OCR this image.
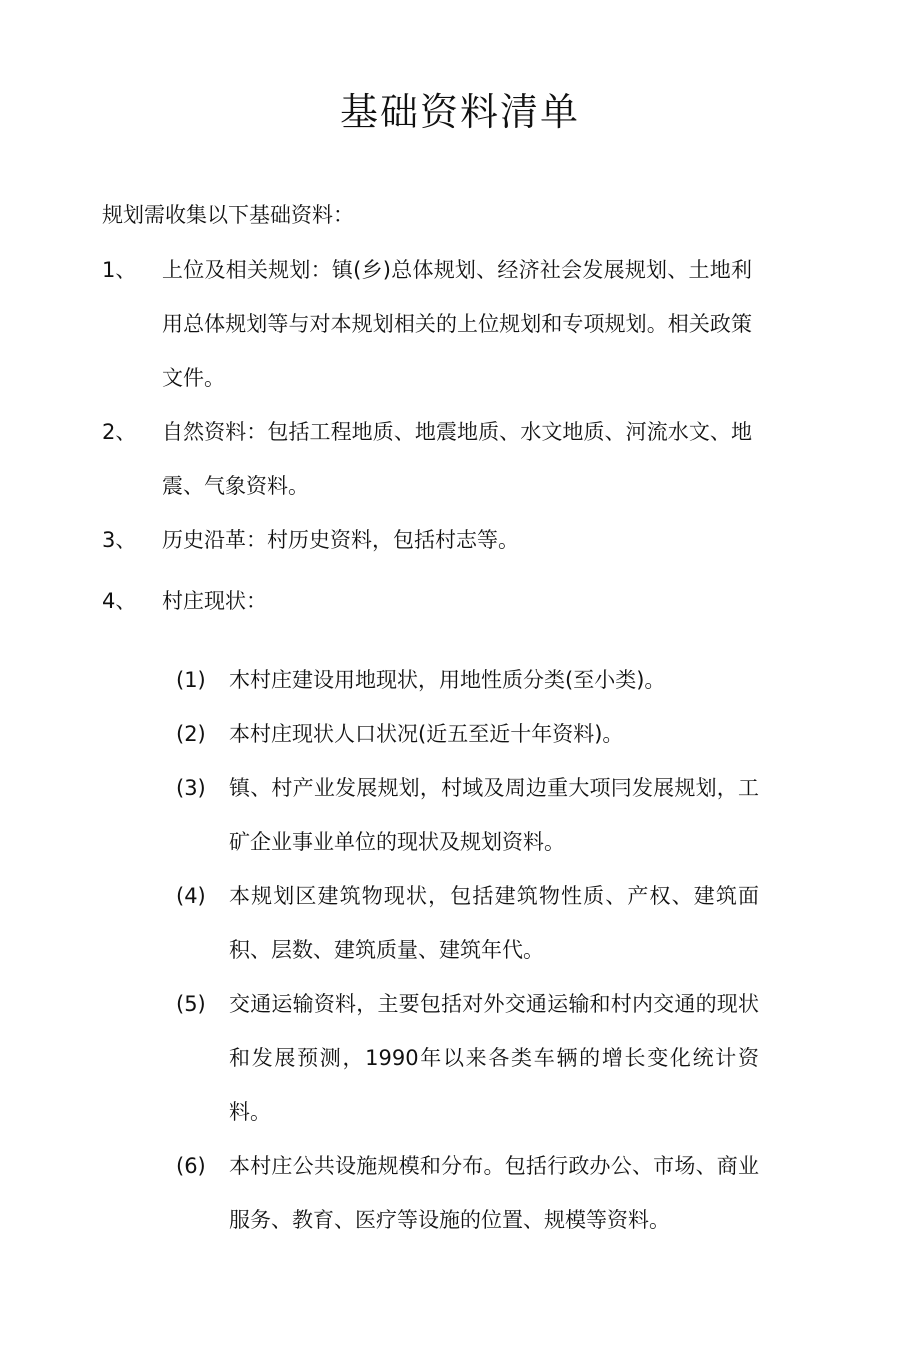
基础资料清单

规划需收集以下基础资料：

1、	上位及相关规划：镇(乡)总体规划、经济社会发展规划、土地利用总体规划等与对本规划相关的上位规划和专项规划。相关政策文件。
2、	自然资料：包括工程地质、地震地质、水文地质、河流水文、地震、气象资料。
3、	历史沿革：村历史资料，包括村志等。
4、	村庄现状：
(1)	木村庄建设用地现状，用地性质分类(至小类)。
(2)	本村庄现状人口状况(近五至近十年资料)。
(3)	镇、村产业发展规划，村域及周边重大项冃发展规划，工矿企业事业单位的现状及规划资料。
(4)	本规划区建筑物现状，包括建筑物性质、产权、建筑面积、层数、建筑质量、建筑年代。
(5)	交通运输资料，主要包括对外交通运输和村内交通的现状和发展预测，1990年以来各类车辆的增长变化统计资料。
(6)	本村庄公共设施规模和分布。包括行政办公、市场、商业服务、教育、医疗等设施的位置、规模等资料。
